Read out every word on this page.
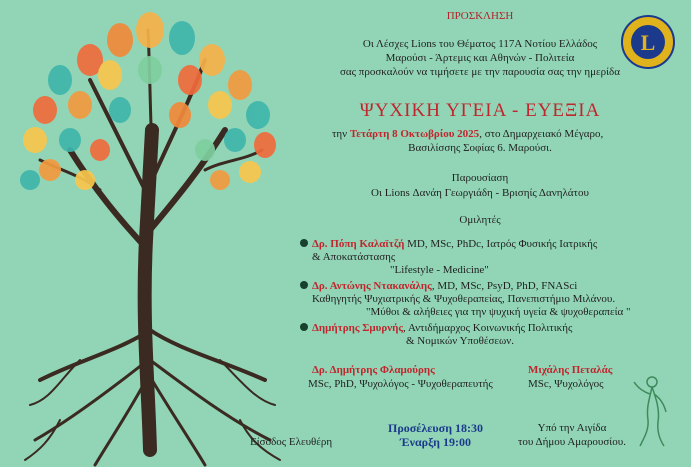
L
ΠΡΟΣΚΛΗΣΗ
Οι Λέσχες Lions του Θέματος 117Α Νοτίου Ελλάδος
Μαρούσι - Άρτεμις και Αθηνών - Πολιτεία
σας προσκαλούν να τιμήσετε με την παρουσία σας την ημερίδα
ΨΥΧΙΚΗ ΥΓΕΙΑ - ΕΥΕΞΙΑ
την Τετάρτη 8 Οκτωβρίου 2025, στο Δημαρχειακό Μέγαρο,
Βασιλίσσης Σοφίας 6. Μαρούσι.
Παρουσίαση
Οι Lions Δανάη Γεωργιάδη - Βρισηίς Δανηλάτου
Ομιλητές
Δρ. Πόπη Καλαϊτζή MD, MSc, PhDc, Ιατρός Φυσικής Ιατρικής
& Αποκατάστασης
"Lifestyle - Medicine"
Δρ. Αντώνης Ντακανάλης, MD, MSc, PsyD, PhD, FNASci
Καθηγητής Ψυχιατρικής & Ψυχοθεραπείας, Πανεπιστήμιο Μιλάνου.
"Μύθοι & αλήθειες για την ψυχική υγεία & ψυχοθεραπεία "
Δημήτρης Σμυρνής, Αντιδήμαρχος Κοινωνικής Πολιτικής
& Νομικών Υποθέσεων.
Δρ. Δημήτρης Φλαμούρης
MSc, PhD, Ψυχολόγος - Ψυχοθεραπευτής
Μιχάλης Πεταλάς
MSc, Ψυχολόγος
Είσοδος Ελευθέρη
Προσέλευση 18:30
Έναρξη 19:00
Υπό την Αιγίδα
του Δήμου Αμαρουσίου.
